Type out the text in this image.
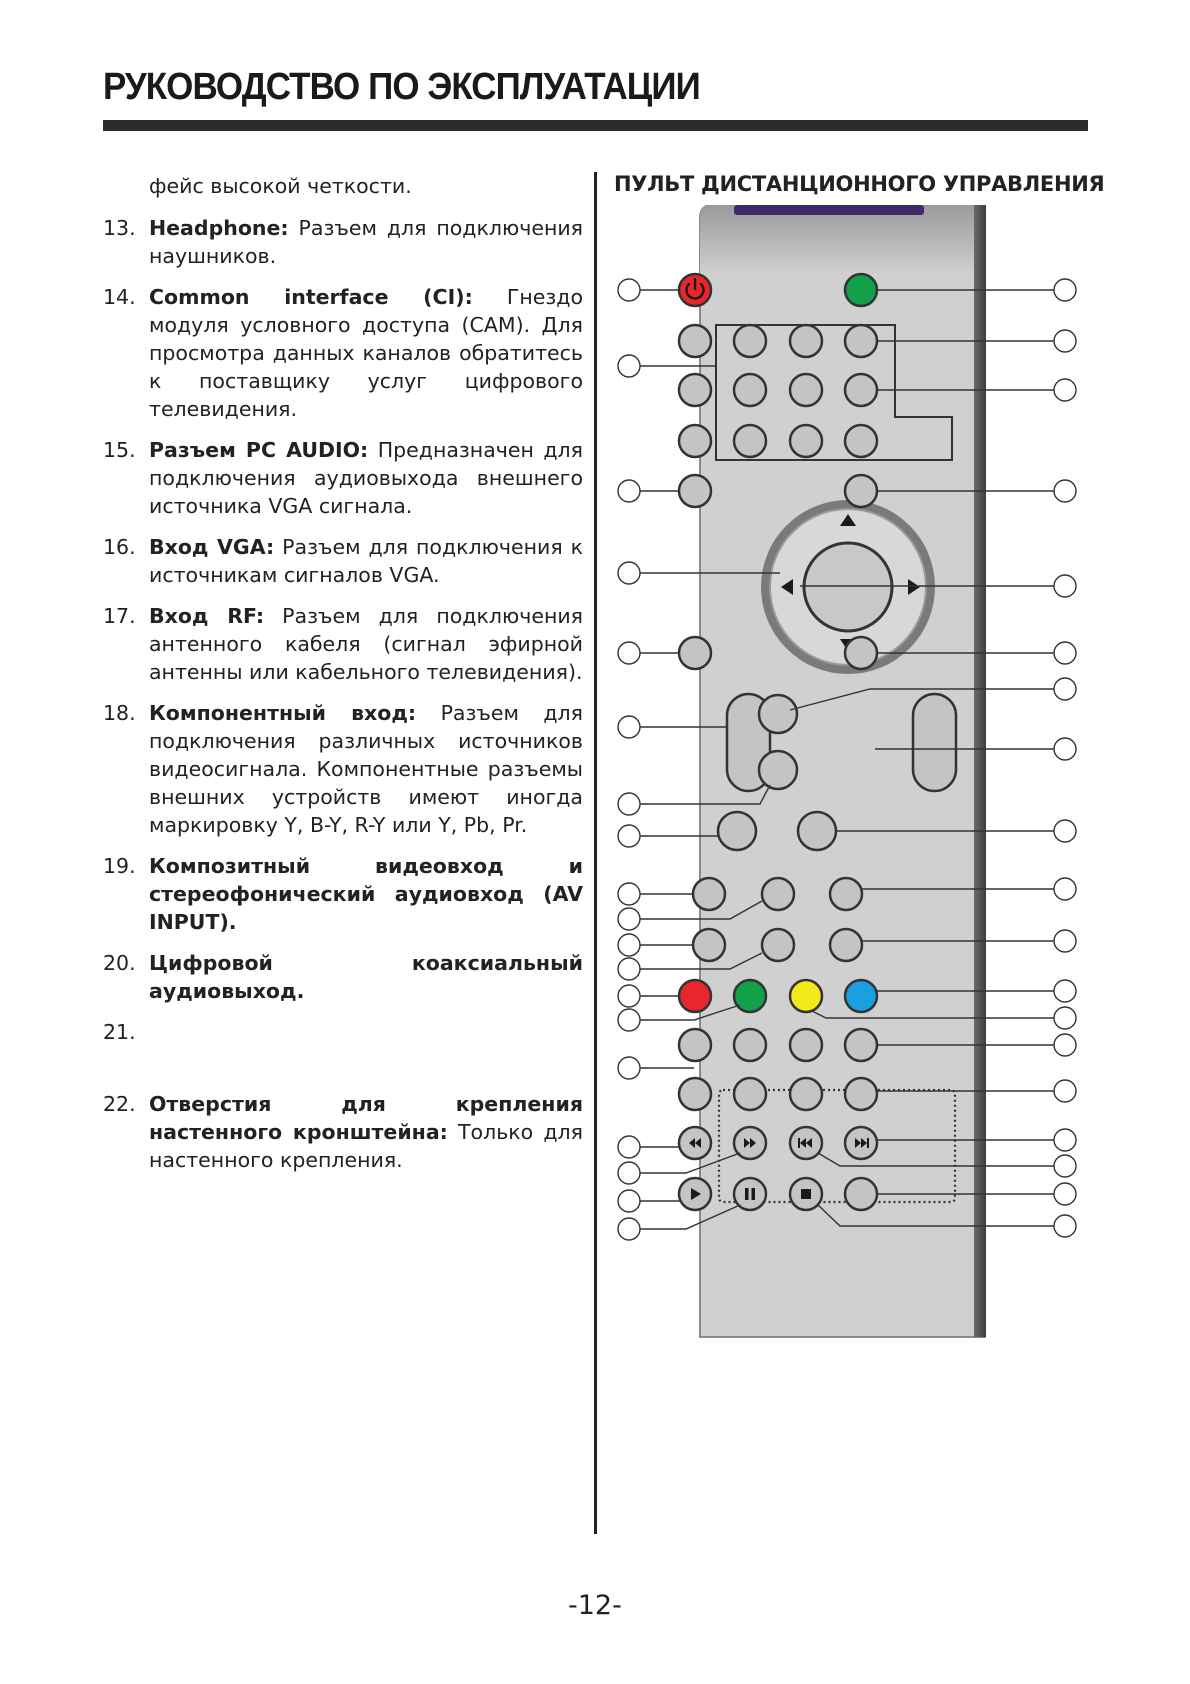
РУКОВОДСТВО ПО ЭКСПЛУАТАЦИИ
фейс высокой четкости.
13. Headphone: Разъем для подключения наушников.
14. Common interface (CI): Гнездо модуля условного доступа (CAM). Для просмотра данных каналов обратитесь к поставщику услуг цифрового телевидения.
15. Разъем PC AUDIO: Предназначен для подключения аудиовыхода внешнего источника VGA сигнала.
16. Вход VGA: Разъем для подключения к источникам сигналов VGA.
17. Вход RF: Разъем для подключения антенного кабеля (сигнал эфирной антенны или кабельного телевидения).
18. Компонентный вход: Разъем для подключения различных источников видеосигнала. Компонентные разъемы внешних устройств имеют иногда маркировку Y, B-Y, R-Y или Y, Pb, Pr.
19. Композитный видеовход и стереофонический аудиовход (AV INPUT).
20. Цифровой коаксиальный аудиовыход.
21.
22. Отверстия для крепления настенного кронштейна: Только для настенного крепления.
ПУЛЬТ ДИСТАНЦИОННОГО УПРАВЛЕНИЯ
-12-
